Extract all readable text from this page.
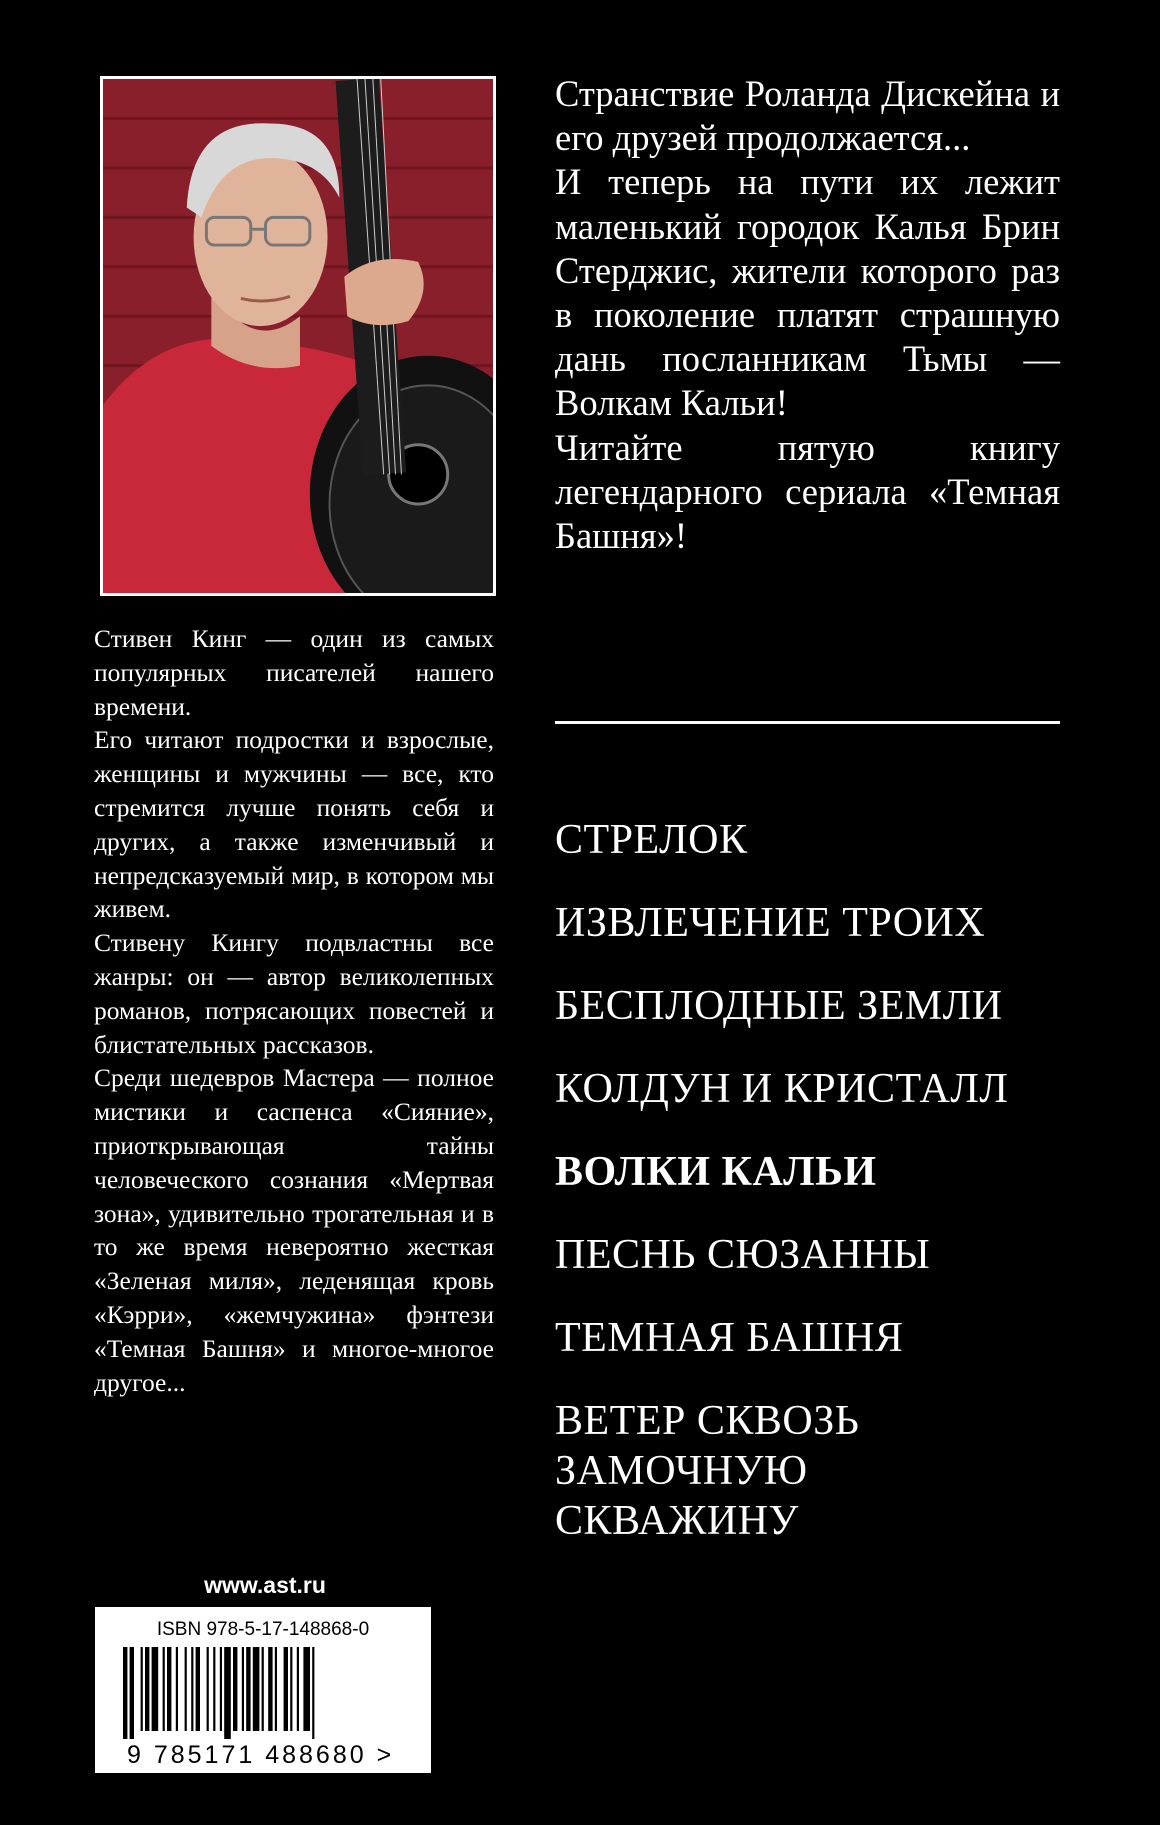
Стивен Кинг — один из самых популярных писателей нашего времени.

Его читают подростки и взрослые, женщины и мужчины — все, кто стремится лучше понять себя и других, а также изменчивый и непредсказуемый мир, в котором мы живем.

Стивену Кингу подвластны все жанры: он — автор великолепных романов, потрясающих повестей и блистательных рассказов.

Среди шедевров Мастера — полное мистики и саспенса «Сияние», приоткрывающая тайны человеческого сознания «Мертвая зона», удивительно трогательная и в то же время невероятно жесткая «Зеленая миля», леденящая кровь «Кэрри», «жемчужина» фэнтези «Темная Башня» и многое-многое другое...

Странствие Роланда Дискейна и его друзей продолжается...

И теперь на пути их лежит маленький городок Калья Брин Стерджис, жители которого раз в поколение платят страшную дань посланникам Тьмы — Волкам Кальи!

Читайте пятую книгу легендарного сериала «Темная Башня»!

СТРЕЛОК
ИЗВЛЕЧЕНИЕ ТРОИХ
БЕСПЛОДНЫЕ ЗЕМЛИ
КОЛДУН И КРИСТАЛЛ
ВОЛКИ КАЛЬИ
ПЕСНЬ СЮЗАННЫ
ТЕМНАЯ БАШНЯ
ВЕТЕР СКВОЗЬ ЗАМОЧНУЮ СКВАЖИНУ
www.ast.ru
ISBN 978-5-17-148868-0
9 785171 488680 >
